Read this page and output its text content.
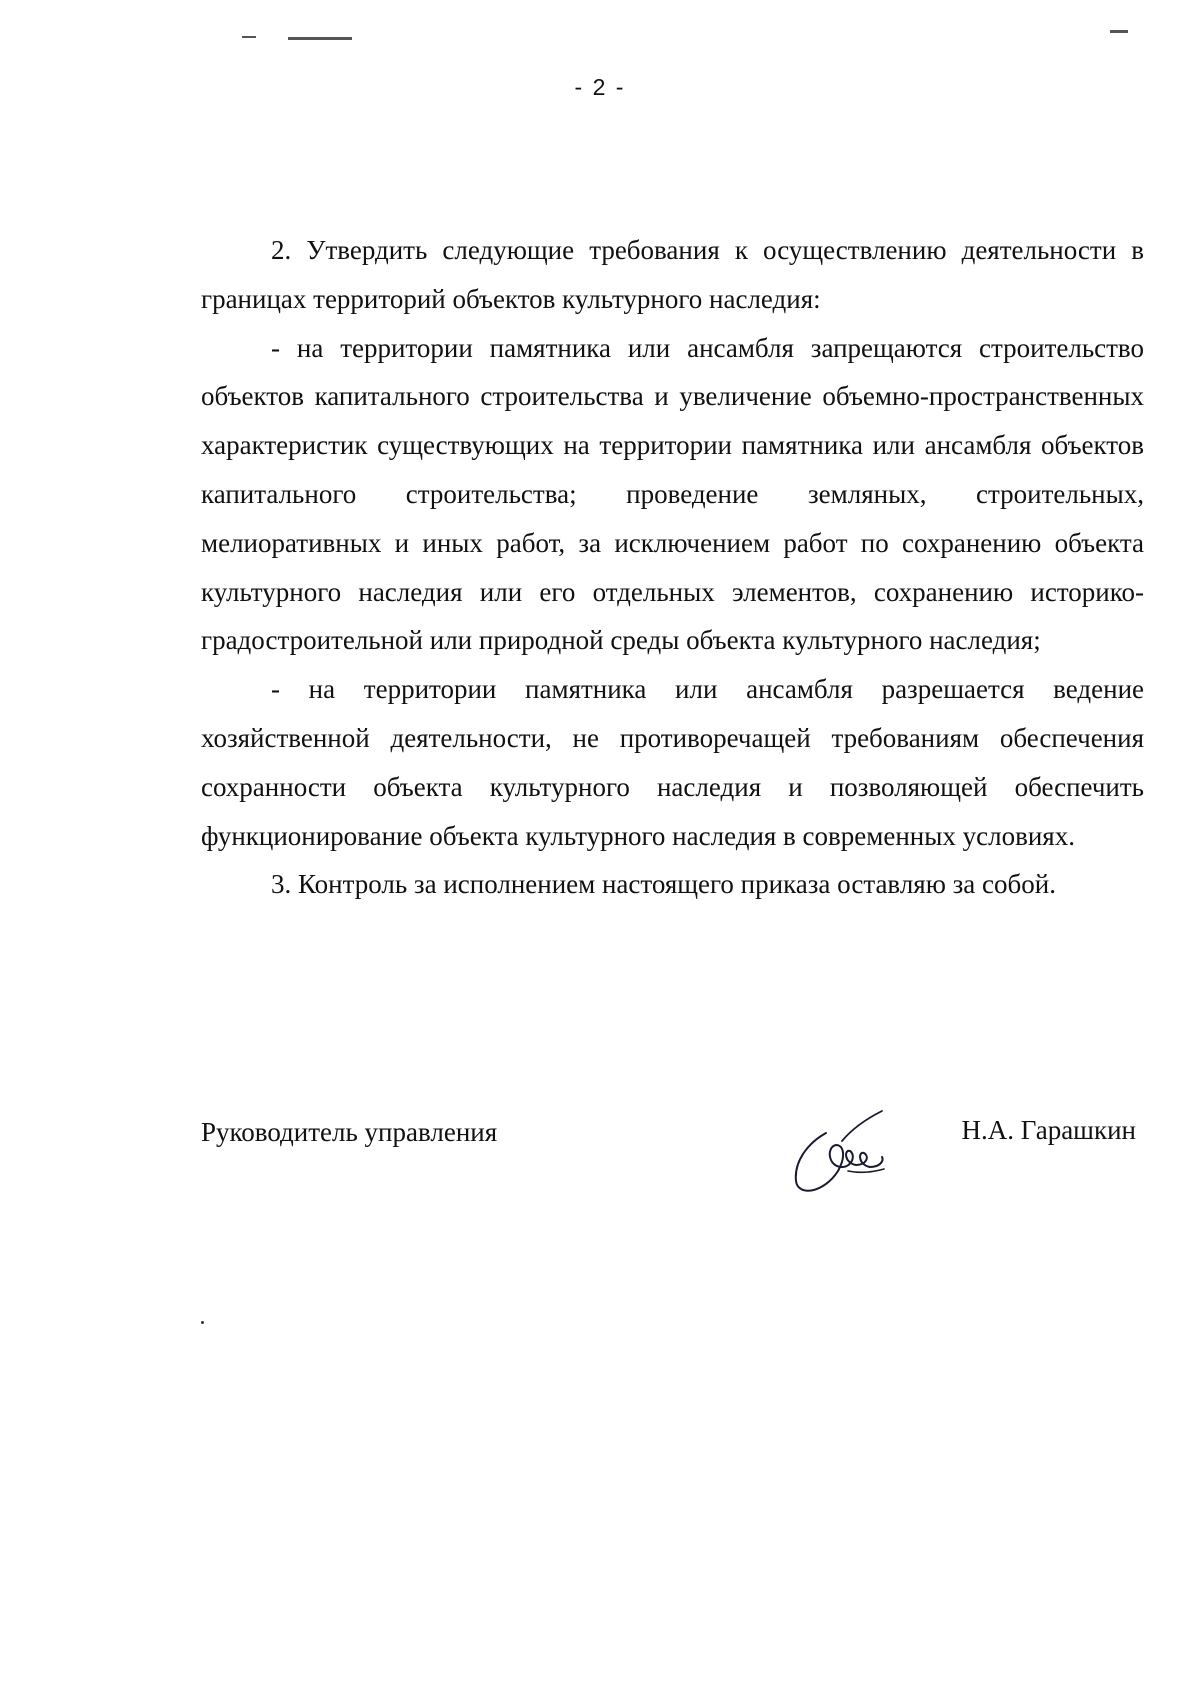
- 2 -

2. Утвердить следующие требования к осуществлению деятельности в границах территорий объектов культурного наследия:

- на территории памятника или ансамбля запрещаются строительство объектов капитального строительства и увеличение объемно-пространственных характеристик существующих на территории памятника или ансамбля объектов капитального строительства; проведение земляных, строительных, мелиоративных и иных работ, за исключением работ по сохранению объекта культурного наследия или его отдельных элементов, сохранению историко-градостроительной или природной среды объекта культурного наследия;

- на территории памятника или ансамбля разрешается ведение хозяйственной деятельности, не противоречащей требованиям обеспечения сохранности объекта культурного наследия и позволяющей обеспечить функционирование объекта культурного наследия в современных условиях.

3. Контроль за исполнением настоящего приказа оставляю за собой.

Руководитель управления	Н.А. Гарашкин
